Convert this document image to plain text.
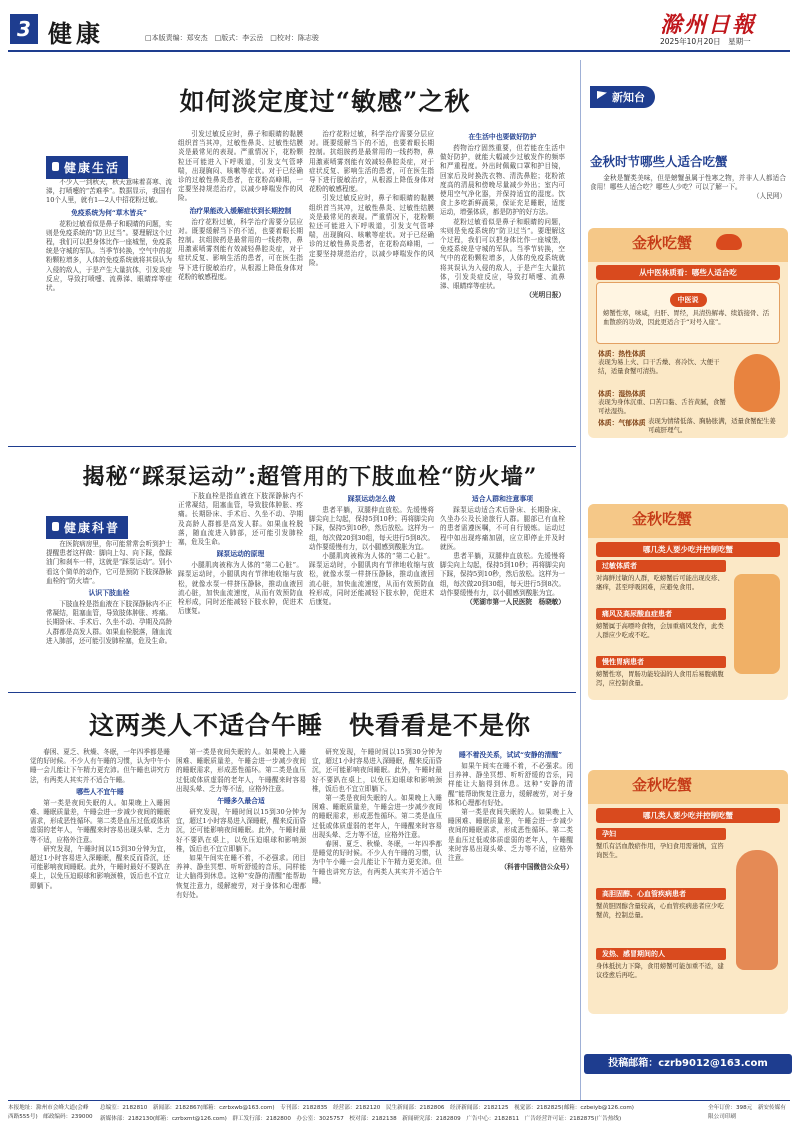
3 健康	□本版责编：郑安杰　□版式：李云岳　□校对：陈志骏	滁州日報
2025年10月20日　星期一
如何淡定度过“敏感”之秋
健康生活

不少人一到秋天，秋天意味着喜寒、流涕，打喷嚏的“苦难季”。数据显示，我国有10个人里，就有1—2人中招花粉过敏。

免疫系统为何“草木皆兵”

花粉过敏看似是鼻子和眼睛的问题，实则是免疫系统的“防卫过当”。要理解这个过程，我们可以把身体比作一座城堡，免疫系统是守城的军队。当季节转换，空气中的花粉颗粒增多，人体的免疫系统就将其误认为入侵的敌人，于是产生大量抗体，引发炎症反应，导致打喷嚏、流鼻涕、眼睛痒等症状。

引发过敏反应时，鼻子和眼睛的黏膜组织首当其冲，过敏性鼻炎、过敏性结膜炎是最常见的表现。严重情况下，花粉颗粒还可能进入下呼吸道，引发支气管哮喘，出现胸闷、咳嗽等症状。对于已经确诊的过敏性鼻炎患者，在花粉高峰期，一定要坚持规范治疗，以减少哮喘发作的风险。

治疗果能改入缓解症状到长期控制

治疗花粉过敏，科学治疗需要分层应对。既要缓解当下的不适，也要着眼长期控制。抗组胺药是最常用的一线药物，鼻用激素喷雾剂能有效减轻鼻腔炎症，对于症状反复、影响生活的患者，可在医生指导下进行脱敏治疗，从根源上降低身体对花粉的敏感程度。

治疗花粉过敏，科学治疗需要分层应对。既要缓解当下的不适，也要着眼长期控制。抗组胺药是最常用的一线药物，鼻用激素喷雾剂能有效减轻鼻腔炎症，对于症状反复、影响生活的患者，可在医生指导下进行脱敏治疗，从根源上降低身体对花粉的敏感程度。

引发过敏反应时，鼻子和眼睛的黏膜组织首当其冲，过敏性鼻炎、过敏性结膜炎是最常见的表现。严重情况下，花粉颗粒还可能进入下呼吸道，引发支气管哮喘，出现胸闷、咳嗽等症状。对于已经确诊的过敏性鼻炎患者，在花粉高峰期，一定要坚持规范治疗，以减少哮喘发作的风险。

在生活中也要做好防护

药物治疗固然重要，但若能在生活中做好防护，就能大幅减少过敏发作的频率和严重程度。外出时佩戴口罩和护目镜，回家后及时换洗衣物、清洗鼻腔；花粉浓度高的清晨和傍晚尽量减少外出；室内可使用空气净化器，并保持适宜的湿度。饮食上多吃新鲜蔬果，保证充足睡眠，适度运动，增强体质，都是防护的好方法。

花粉过敏看似是鼻子和眼睛的问题，实则是免疫系统的“防卫过当”。要理解这个过程，我们可以把身体比作一座城堡，免疫系统是守城的军队。当季节转换，空气中的花粉颗粒增多，人体的免疫系统就将其误认为入侵的敌人，于是产生大量抗体，引发炎症反应，导致打喷嚏、流鼻涕、眼睛痒等症状。

（光明日报）
揭秘“踩泵运动”:超管用的下肢血栓“防火墙”
健康科普

在医院病房里，你可能常常会听到护士提醒患者这样做：脚向上勾、向下踩，像踩油门和刹车一样，这就是“踩泵运动”。别小看这个简单的动作，它可是预防下肢深静脉血栓的“防火墙”。

认识下肢血栓

下肢血栓是指血液在下肢深静脉内不正常凝结，阻塞血管，导致肢体肿胀、疼痛。长期卧床、手术后、久坐不动、孕期及高龄人群都是高发人群。如果血栓脱落，随血流进入肺部，还可能引发肺栓塞，危及生命。

下肢血栓是指血液在下肢深静脉内不正常凝结，阻塞血管，导致肢体肿胀、疼痛。长期卧床、手术后、久坐不动、孕期及高龄人群都是高发人群。如果血栓脱落，随血流进入肺部，还可能引发肺栓塞，危及生命。

踩泵运动的原理

小腿肌肉被称为人体的“第二心脏”。踩泵运动时，小腿肌肉有节律地收缩与放松，就像水泵一样挤压静脉，推动血液回流心脏，加快血流速度，从而有效预防血栓形成，同时还能减轻下肢水肿，促进术后康复。

踩泵运动怎么做

患者平躺，双腿伸直放松。先缓慢将脚尖向上勾起，保持5到10秒；再将脚尖向下踩，保持5到10秒，然后放松。这样为一组，每次做20到30组，每天进行5到8次。动作要缓慢有力，以小腿感到酸胀为宜。

小腿肌肉被称为人体的“第二心脏”。踩泵运动时，小腿肌肉有节律地收缩与放松，就像水泵一样挤压静脉，推动血液回流心脏，加快血流速度，从而有效预防血栓形成，同时还能减轻下肢水肿，促进术后康复。

适合人群和注意事项

踩泵运动适合术后卧床、长期卧床、久坐办公及长途旅行人群。腿部已有血栓的患者需遵医嘱，不可自行锻炼。运动过程中如出现疼痛加剧，应立即停止并及时就医。

患者平躺，双腿伸直放松。先缓慢将脚尖向上勾起，保持5到10秒；再将脚尖向下踩，保持5到10秒，然后放松。这样为一组，每次做20到30组，每天进行5到8次。动作要缓慢有力，以小腿感到酸胀为宜。

（芜湖市第一人民医院　杨晓敏）
这两类人不适合午睡　快看看是不是你

春困、夏乏、秋燥、冬眠，一年四季都是睡觉的好时候。不少人有午睡的习惯，认为中午小睡一会儿能让下午精力更充沛。但午睡也讲究方法，有两类人其实并不适合午睡。

哪些人不宜午睡

第一类是夜间失眠的人。如果晚上入睡困难、睡眠质量差，午睡会进一步减少夜间的睡眠需求，形成恶性循环。第二类是血压过低或体质虚弱的老年人，午睡醒来时容易出现头晕、乏力等不适，应格外注意。

研究发现，午睡时间以15到30分钟为宜，超过1小时容易进入深睡眠，醒来反而昏沉，还可能影响夜间睡眠。此外，午睡时最好不要趴在桌上，以免压迫眼球和影响颈椎，饭后也不宜立即躺下。

第一类是夜间失眠的人。如果晚上入睡困难、睡眠质量差，午睡会进一步减少夜间的睡眠需求，形成恶性循环。第二类是血压过低或体质虚弱的老年人，午睡醒来时容易出现头晕、乏力等不适，应格外注意。

午睡多久最合适

研究发现，午睡时间以15到30分钟为宜，超过1小时容易进入深睡眠，醒来反而昏沉，还可能影响夜间睡眠。此外，午睡时最好不要趴在桌上，以免压迫眼球和影响颈椎，饭后也不宜立即躺下。

如果午间实在睡不着，不必强求。闭目养神、静坐冥想、听听舒缓的音乐，同样能让大脑得到休息。这种“安静的清醒”能帮助恢复注意力，缓解疲劳，对于身体和心理都有好处。

研究发现，午睡时间以15到30分钟为宜，超过1小时容易进入深睡眠，醒来反而昏沉，还可能影响夜间睡眠。此外，午睡时最好不要趴在桌上，以免压迫眼球和影响颈椎，饭后也不宜立即躺下。

第一类是夜间失眠的人。如果晚上入睡困难、睡眠质量差，午睡会进一步减少夜间的睡眠需求，形成恶性循环。第二类是血压过低或体质虚弱的老年人，午睡醒来时容易出现头晕、乏力等不适，应格外注意。

春困、夏乏、秋燥、冬眠，一年四季都是睡觉的好时候。不少人有午睡的习惯，认为中午小睡一会儿能让下午精力更充沛。但午睡也讲究方法，有两类人其实并不适合午睡。

睡不着没关系，试试“安静的清醒”

如果午间实在睡不着，不必强求。闭目养神、静坐冥想、听听舒缓的音乐，同样能让大脑得到休息。这种“安静的清醒”能帮助恢复注意力，缓解疲劳，对于身体和心理都有好处。

第一类是夜间失眠的人。如果晚上入睡困难、睡眠质量差，午睡会进一步减少夜间的睡眠需求，形成恶性循环。第二类是血压过低或体质虚弱的老年人，午睡醒来时容易出现头晕、乏力等不适，应格外注意。

（科普中国微信公众号）
新知台
金秋时节哪些人适合吃蟹

金秋是蟹类美味，但是螃蟹虽属于性寒之物，并非人人都适合食用！哪些人适合吃？哪些人少吃？可以了解一下。

（人民网）
金秋吃蟹
从中医体质看：哪些人适合吃
中医说
螃蟹性寒，味咸，归肝、胃经，具清热解毒、续筋接骨、活血散瘀的功效，因此更适合于“对号入座”。
体质：热性体质
表现为易上火、口干舌燥、喜冷饮、大便干结，适量食蟹可清热。
体质：湿热体质
表现为身体沉重、口苦口黏、舌苔黄腻，食蟹可祛湿热。
体质：气郁体质 表现为情绪低落、胸胁胀满，适量食蟹配生姜可疏肝理气。
金秋吃蟹
哪几类人要少吃并控制吃蟹
过敏体质者
对海鲜过敏的人群，吃螃蟹后可能出现皮疹、瘙痒，甚至呼吸困难，应避免食用。
痛风及高尿酸血症患者
螃蟹属于高嘌呤食物，会加重痛风发作，此类人群应少吃或不吃。
慢性胃病患者
螃蟹性寒，胃肠功能较弱的人食用后易腹痛腹泻，应控制食量。
金秋吃蟹
哪几类人要少吃并控制吃蟹
孕妇
蟹爪有活血散瘀作用，孕妇食用需谨慎，宜咨询医生。
高胆固醇、心血管疾病患者
蟹黄胆固醇含量较高，心血管疾病患者应少吃蟹黄，控制总量。
发热、感冒期间的人
身体抵抗力下降，食用螃蟹可能加重不适，建议痊愈后再吃。
投稿邮箱：czrb9012@163.com
本报地址：滁州市会峰大道(会峰西路555号)　邮政编码：239000
总编室：2182810　新闻部：2182867(邮箱：czrbxwb@163.com)　专刊部：2182835　经营部：2182120　民生新闻部：2182806　经济新闻部：2182125　视觉部：2182825(邮箱：czbeiyb@126.com)
新媒体部：2182130(邮箱：czrbxmt@126.com)　群工发行部：2182800　办公室：3025757　校对部：2182138　新闻研究部：2182809　广告中心：2182811　广告经营许可证：2182875(广告热线)
全年订价：398元　新安传媒有限公司印刷
